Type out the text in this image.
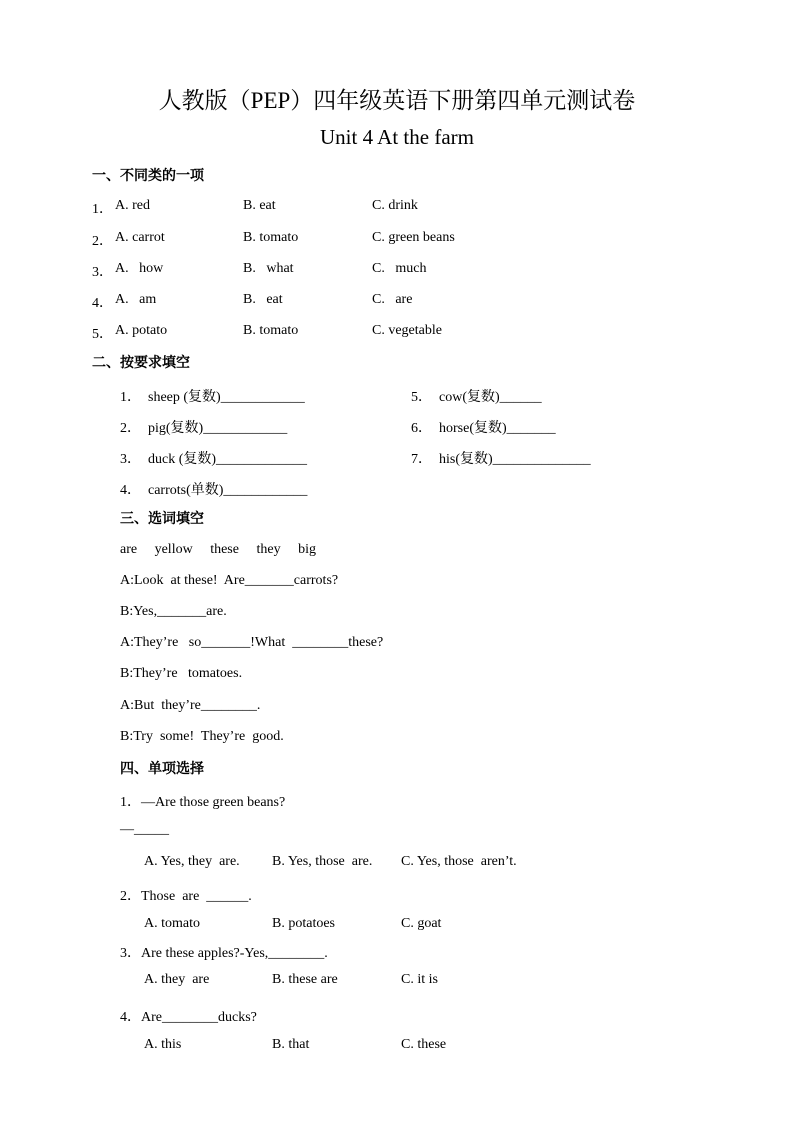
人教版（PEP）四年级英语下册第四单元测试卷
Unit 4 At the farm
一、不同类的一项
1． A. red	B. eat	C. drink
2． A. carrot	B. tomato	C. green beans
3． A.   how	B.   what	C.   much
4． A.   am	B.   eat	C.   are
5． A. potato	B. tomato	C. vegetable
二、按要求填空
1．  sheep (复数)____________
2．  pig(复数)____________
3．  duck (复数)_____________
4．  carrots(单数)____________
5．  cow(复数)______
6．  horse(复数)_______
7．  his(复数)______________
三、选词填空
are     yellow     these     they     big
A:Look  at these!  Are_______carrots?
B:Yes,_______are.
A:They’re   so_______!What  ________these?
B:They’re   tomatoes.
A:But  they’re________.
B:Try  some!  They’re  good.
四、单项选择
1．—Are those green beans?
—_____
A. Yes, they  are. B. Yes, those  are. C. Yes, those  aren’t.
2．Those  are  ______.
A. tomato	B. potatoes	C. goat
3．Are these apples?-Yes,________.
A. they  are	B. these are	C. it is
4．Are________ducks?
A. this	B. that	C. these
